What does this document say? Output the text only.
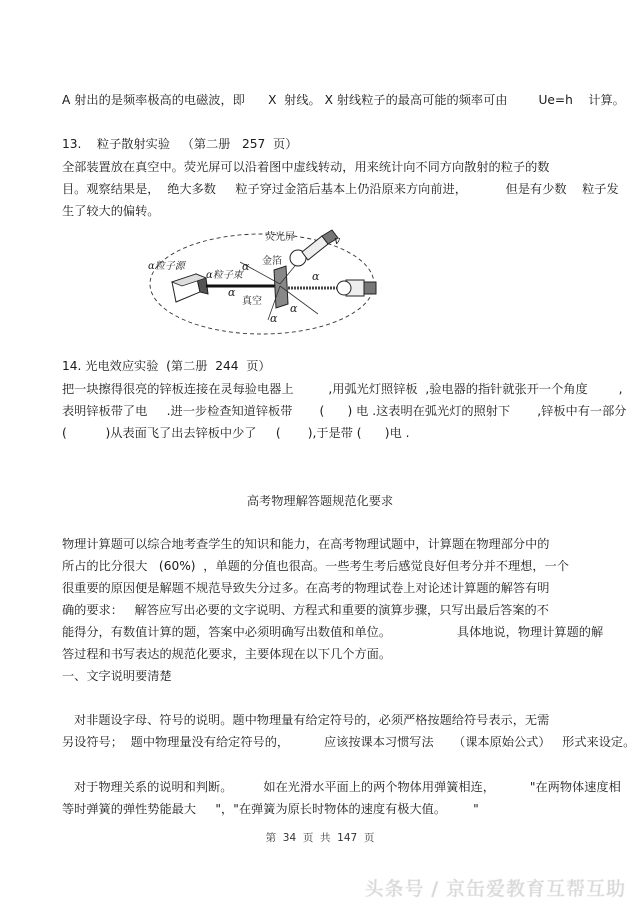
A 射出的是频率极高的电磁波，即      X  射线。 X 射线粒子的最高可能的频率可由        Ue=h    计算。
13.    粒子散射实验   （第二册   257  页）
全部装置放在真空中。荧光屏可以沿着图中虚线转动，用来统计向不同方向散射的粒子的数
目。观察结果是，  绝大多数     粒子穿过金箔后基本上仍沿原来方向前进，          但是有少数    粒子发
生了较大的偏转。
α粒子源
α粒子束
金箔
荧光屏
真空
v
α
α
α
α
α
14. 光电效应实验  (第二册  244  页）
把一块擦得很亮的锌板连接在灵每验电器上         ,用弧光灯照锌板  ,验电器的指针就张开一个角度        ,
表明锌板带了电     .进一步检查知道锌板带       (      ) 电 .这表明在弧光灯的照射下       ,锌板中有一部分
(          )从表面飞了出去锌板中少了     (       ),于是带 (      )电 .
高考物理解答题规范化要求
物理计算题可以综合地考查学生的知识和能力，在高考物理试题中，计算题在物理部分中的
所占的比分很大   (60%)  ，单题的分值也很高。一些考生考后感觉良好但考分并不理想，一个
很重要的原因便是解题不规范导致失分过多。在高考的物理试卷上对论述计算题的解答有明
确的要求：   解答应写出必要的文字说明、方程式和重要的演算步骤，只写出最后答案的不
能得分，有数值计算的题，答案中必须明确写出数值和单位。                 具体地说，物理计算题的解
答过程和书写表达的规范化要求，主要体现在以下几个方面。
一、文字说明要清楚
对非题设字母、符号的说明。题中物理量有给定符号的，必须严格按题给符号表示，无需
另设符号；  题中物理量没有给定符号的，         应该按课本习惯写法     （课本原始公式）   形式来设定。
对于物理关系的说明和判断。        如在光滑水平面上的两个物体用弹簧相连，         "在两物体速度相
等时弹簧的弹性势能最大     "，"在弹簧为原长时物体的速度有极大值。       "
第  34  页  共  147  页
头条号 / 京缶爱教育互帮互助
